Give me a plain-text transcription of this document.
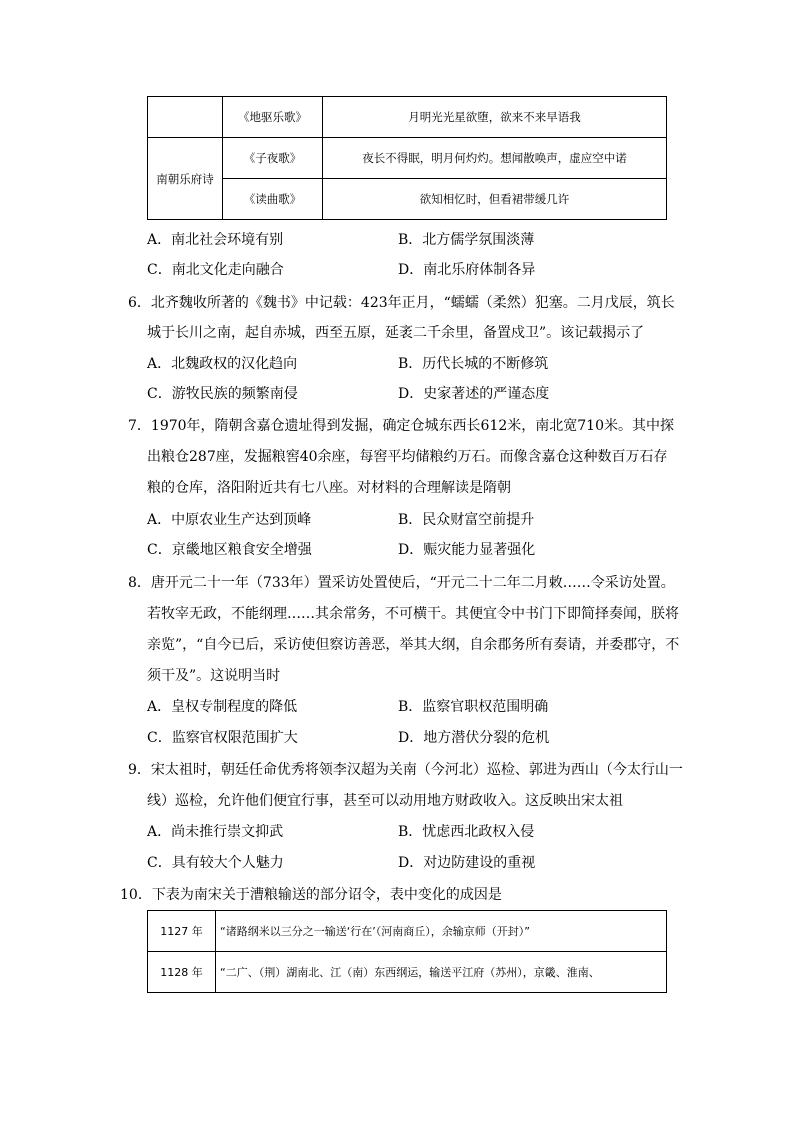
	《地驱乐歌》	月明光光星欲堕，欲来不来早语我
南朝乐府诗	《子夜歌》	夜长不得眠，明月何灼灼。想闻散唤声，虚应空中诺
	《读曲歌》	欲知相忆时，但看裙带缓几许
A．南北社会环境有别	B．北方儒学氛围淡薄
C．南北文化走向融合	D．南北乐府体制各异
6．北齐魏收所著的《魏书》中记载：423年正月，“蠕蠕（柔然）犯塞。二月戊辰，筑长
城于长川之南，起自赤城，西至五原，延袤二千余里，备置戍卫”。该记载揭示了
A．北魏政权的汉化趋向	B．历代长城的不断修筑
C．游牧民族的频繁南侵	D．史家著述的严谨态度
7．1970年，隋朝含嘉仓遗址得到发掘，确定仓城东西长612米，南北宽710米。其中探
出粮仓287座，发掘粮窖40余座，每窖平均储粮约万石。而像含嘉仓这种数百万石存
粮的仓库，洛阳附近共有七八座。对材料的合理解读是隋朝
A．中原农业生产达到顶峰	B．民众财富空前提升
C．京畿地区粮食安全增强	D．赈灾能力显著强化
8．唐开元二十一年（733年）置采访处置使后，“开元二十二年二月敕……令采访处置。
若牧宰无政，不能纲理……其余常务，不可横干。其便宜令中书门下即简择奏闻，朕将
亲览”，“自今已后，采访使但察访善恶，举其大纲，自余郡务所有奏请，并委郡守，不
须干及”。这说明当时
A．皇权专制程度的降低	B．监察官职权范围明确
C．监察官权限范围扩大	D．地方潜伏分裂的危机
9．宋太祖时，朝廷任命优秀将领李汉超为关南（今河北）巡检、郭进为西山（今太行山一
线）巡检，允许他们便宜行事，甚至可以动用地方财政收入。这反映出宋太祖
A．尚未推行崇文抑武	B．忧虑西北政权入侵
C．具有较大个人魅力	D．对边防建设的重视
10．下表为南宋关于漕粮输送的部分诏令，表中变化的成因是
1127 年	“诸路纲米以三分之一输送‘行在’（河南商丘），余输京师（开封）”
1128 年	“二广、（荆）湖南北、江（南）东西纲运，输送平江府（苏州），京畿、淮南、
